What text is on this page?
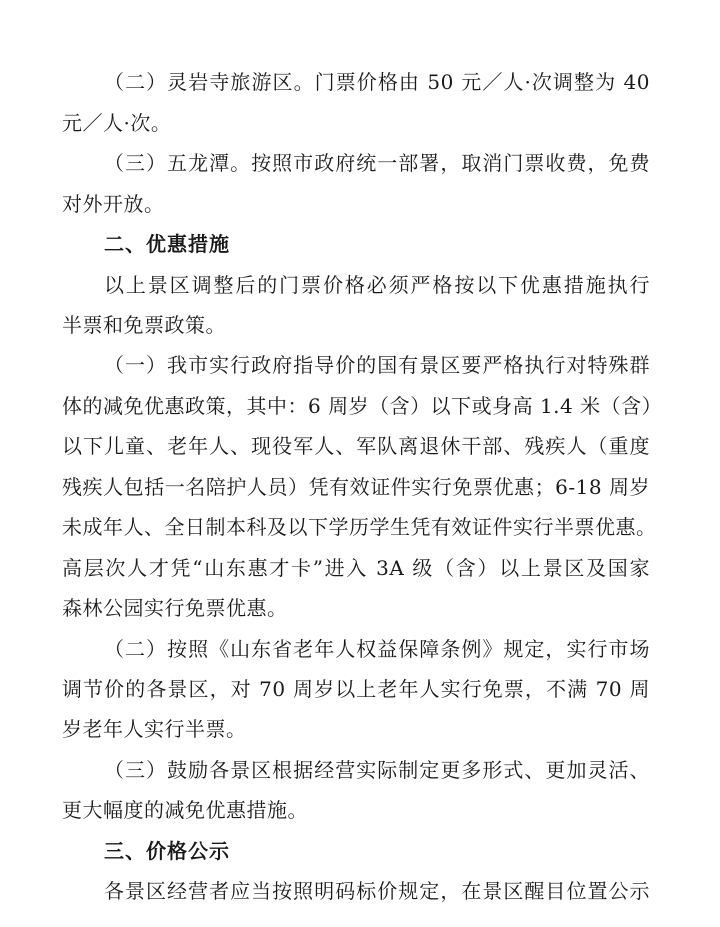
（二）灵岩寺旅游区。门票价格由 50 元／人·次调整为 40
元／人·次。
（三）五龙潭。按照市政府统一部署，取消门票收费，免费
对外开放。
二、优惠措施
以上景区调整后的门票价格必须严格按以下优惠措施执行
半票和免票政策。
（一）我市实行政府指导价的国有景区要严格执行对特殊群
体的减免优惠政策，其中：6 周岁（含）以下或身高 1.4 米（含）
以下儿童、老年人、现役军人、军队离退休干部、残疾人（重度
残疾人包括一名陪护人员）凭有效证件实行免票优惠；6-18 周岁
未成年人、全日制本科及以下学历学生凭有效证件实行半票优惠。
高层次人才凭“山东惠才卡”进入 3A 级（含）以上景区及国家
森林公园实行免票优惠。
（二）按照《山东省老年人权益保障条例》规定，实行市场
调节价的各景区，对 70 周岁以上老年人实行免票，不满 70 周
岁老年人实行半票。
（三）鼓励各景区根据经营实际制定更多形式、更加灵活、
更大幅度的减免优惠措施。
三、价格公示
各景区经营者应当按照明码标价规定，在景区醒目位置公示
